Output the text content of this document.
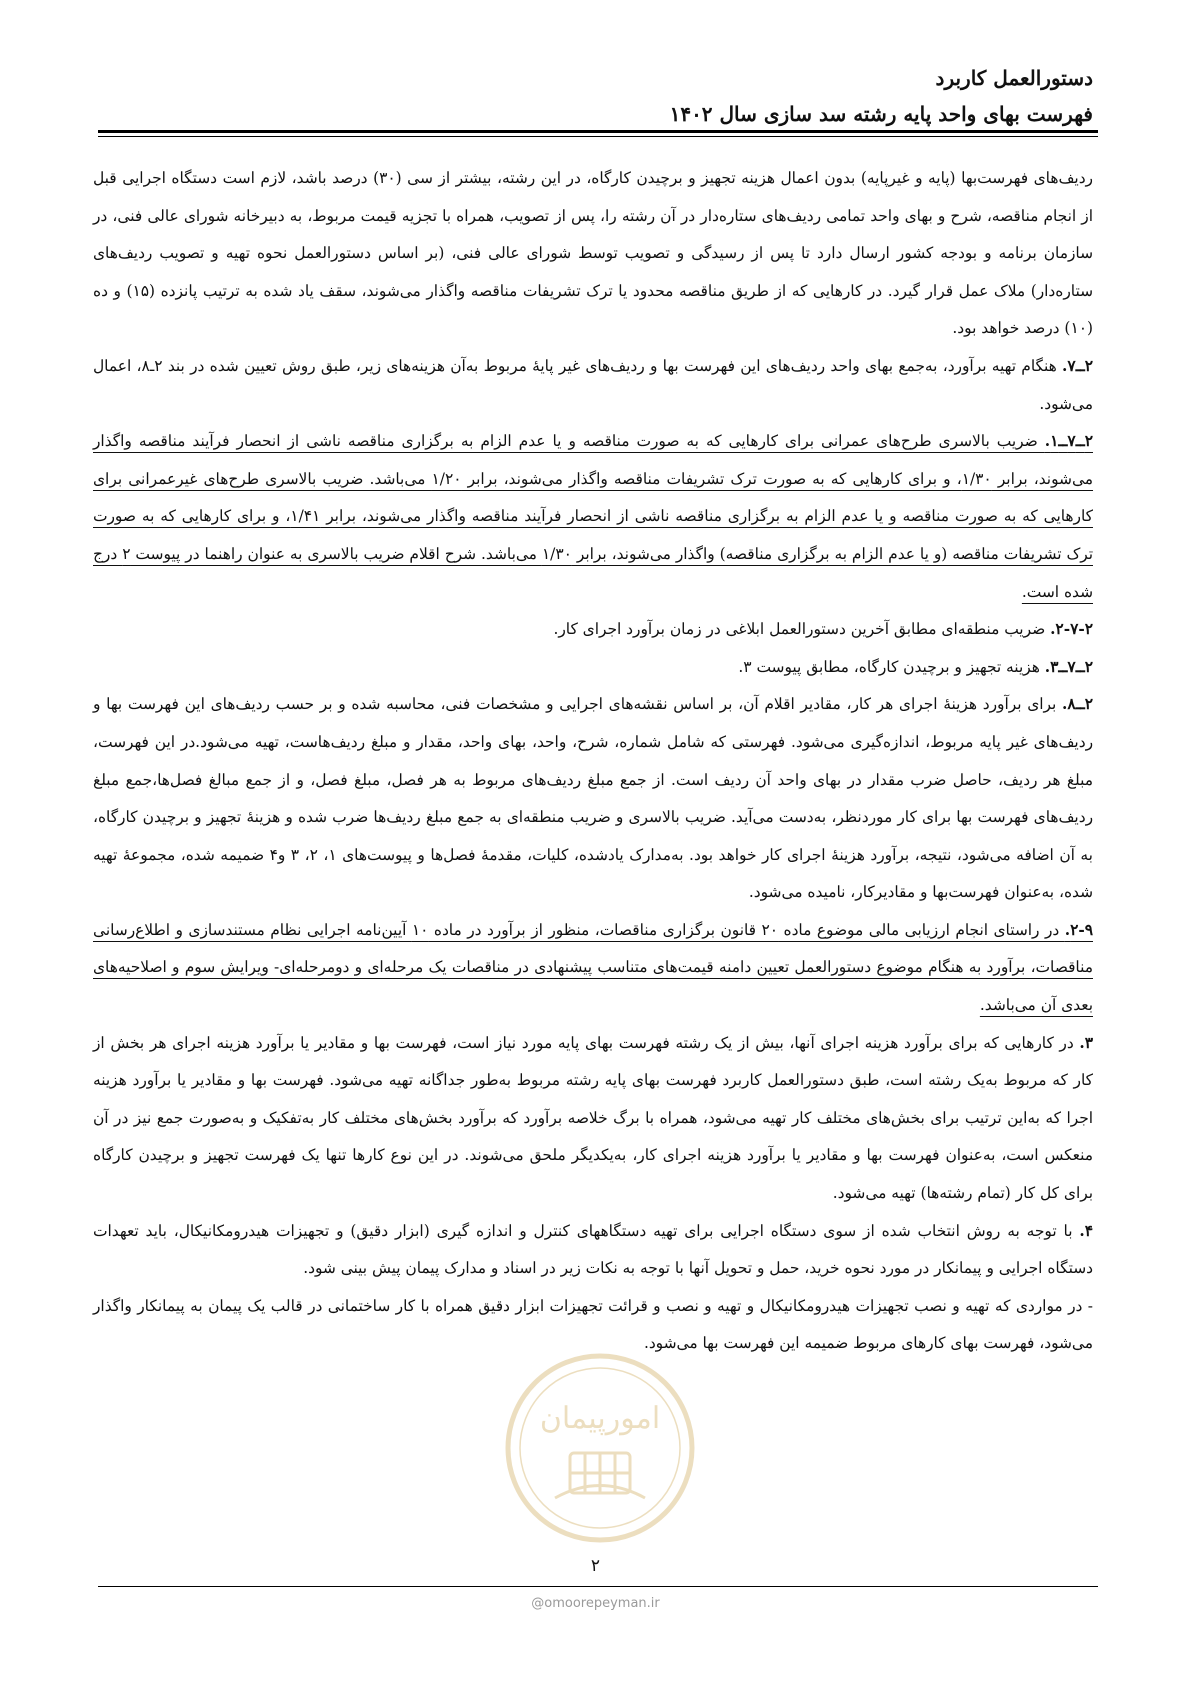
دستورالعمل کاربرد
فهرست بهای واحد پایه رشته سد سازی سال ۱۴۰۲

ردیف‌های فهرست‌بها (پایه و غیرپایه) بدون اعمال هزینه تجهیز و برچیدن کارگاه، در این رشته، بیشتر از سی (۳۰) درصد باشد، لازم است دستگاه اجرایی قبل از انجام مناقصه، شرح و بهای واحد تمامی ردیف‌های ستاره‌دار در آن رشته را، پس از تصویب، همراه با تجزیه قیمت مربوط، به دبیرخانه شورای عالی فنی، در سازمان برنامه و بودجه کشور ارسال دارد تا پس از رسیدگی و تصویب توسط شورای عالی فنی، (بر اساس دستورالعمل نحوه تهیه و تصویب ردیف‌های ستاره‌دار) ملاک عمل قرار گیرد. در کارهایی که از طریق مناقصه محدود یا ترک تشریفات مناقصه واگذار می‌شوند، سقف یاد شده به ترتیب پانزده (۱۵) و ده (۱۰) درصد خواهد بود.

۲ــ۷. هنگام تهیه برآورد، به‌جمع بهای واحد ردیف‌های این فهرست بها و ردیف‌های غیر پایهٔ مربوط به‌آن هزینه‌های زیر، طبق روش تعیین شده در بند ۲ـ۸، اعمال می‌شود.

۲ــ۷ــ۱. ضریب بالاسری طرح‌های عمرانی برای کارهایی که به صورت مناقصه و یا عدم الزام به برگزاری مناقصه ناشی از انحصار فرآیند مناقصه واگذار می‌شوند، برابر ۱/۳۰، و برای کارهایی که به صورت ترک تشریفات مناقصه واگذار می‌شوند، برابر ۱/۲۰ می‌باشد. ضریب بالاسری طرح‌های غیرعمرانی برای کارهایی که به صورت مناقصه و یا عدم الزام به برگزاری مناقصه ناشی از انحصار فرآیند مناقصه واگذار می‌شوند، برابر ۱/۴۱، و برای کارهایی که به صورت ترک تشریفات مناقصه (و یا عدم الزام به برگزاری مناقصه) واگذار می‌شوند، برابر ۱/۳۰ می‌باشد. شرح اقلام ضریب بالاسری به عنوان راهنما در پیوست ۲ درج شده است.

۲-۷-۲. ضریب منطقه‌ای مطابق آخرین دستورالعمل ابلاغی در زمان برآورد اجرای کار.

۲ــ۷ــ۳. هزینه تجهیز و برچیدن کارگاه، مطابق پیوست ۳.

۲ــ۸. برای برآورد هزینهٔ اجرای هر کار، مقادیر اقلام آن، بر اساس نقشه‌های اجرایی و مشخصات فنی، محاسبه شده و بر حسب ردیف‌های این فهرست بها و ردیف‌های غیر پایه مربوط، اندازه‌گیری می‌شود. فهرستی که شامل شماره، شرح، واحد، بهای واحد، مقدار و مبلغ ردیف‌هاست، تهیه می‌شود.در این فهرست، مبلغ هر ردیف، حاصل ضرب مقدار در بهای واحد آن ردیف است. از جمع مبلغ ردیف‌های مربوط به هر فصل، مبلغ فصل، و از جمع مبالغ فصل‌ها،جمع مبلغ ردیف‌های فهرست بها برای کار موردنظر، به‌دست می‌آید. ضریب بالاسری و ضریب منطقه‌ای به جمع مبلغ ردیف‌ها ضرب شده و هزینهٔ تجهیز و برچیدن کارگاه، به آن اضافه می‌شود، نتیجه، برآورد هزینهٔ اجرای کار خواهد بود. به‌مدارک یادشده، کلیات، مقدمهٔ فصل‌ها و پیوست‌های ۱، ۲، ۳ و۴ ضمیمه شده، مجموعهٔ تهیه شده، به‌عنوان فهرست‌بها و مقادیرکار، نامیده می‌شود.

۲-۹. در راستای انجام ارزیابی مالی موضوع ماده ۲۰ قانون برگزاری مناقصات، منظور از برآورد در ماده ۱۰ آیین‌نامه اجرایی نظام مستندسازی و اطلاع‌رسانی مناقصات، برآورد به هنگام موضوع دستورالعمل تعیین دامنه قیمت‌های متناسب پیشنهادی در مناقصات یک مرحله‌ای و دومرحله‌ای- ویرایش سوم و اصلاحیه‌های بعدی آن می‌باشد.

۳. در کارهایی که برای برآورد هزینه اجرای آنها، بیش از یک رشته فهرست بهای پایه مورد نیاز است، فهرست بها و مقادیر یا برآورد هزینه اجرای هر بخش از کار که مربوط به‌یک رشته است، طبق دستورالعمل کاربرد فهرست بهای پایه رشته مربوط به‌طور جداگانه تهیه می‌شود. فهرست بها و مقادیر یا برآورد هزینه اجرا که به‌این ترتیب برای بخش‌های مختلف کار تهیه می‌شود، همراه با برگ خلاصه برآورد که برآورد بخش‌های مختلف کار به‌تفکیک و به‌صورت جمع نیز در آن منعکس است، به‌عنوان فهرست بها و مقادیر یا برآورد هزینه اجرای کار، به‌یکدیگر ملحق می‌شوند. در این نوع کارها تنها یک فهرست تجهیز و برچیدن کارگاه برای کل کار (تمام رشته‌ها) تهیه می‌شود.

۴. با توجه به روش انتخاب شده از سوی دستگاه اجرایی برای تهیه دستگاههای کنترل و اندازه گیری (ابزار دقیق) و تجهیزات هیدرومکانیکال، باید تعهدات دستگاه اجرایی و پیمانکار در مورد نحوه خرید، حمل و تحویل آنها با توجه به نکات زیر در اسناد و مدارک پیمان پیش بینی شود.

- در مواردی که تهیه و نصب تجهیزات هیدرومکانیکال و تهیه و نصب و قرائت تجهیزات ابزار دقیق همراه با کار ساختمانی در قالب یک پیمان به پیمانکار واگذار می‌شود، فهرست بهای کارهای مربوط ضمیمه این فهرست بها می‌شود.

امورپیمان
۲
@omoorepeyman.ir
